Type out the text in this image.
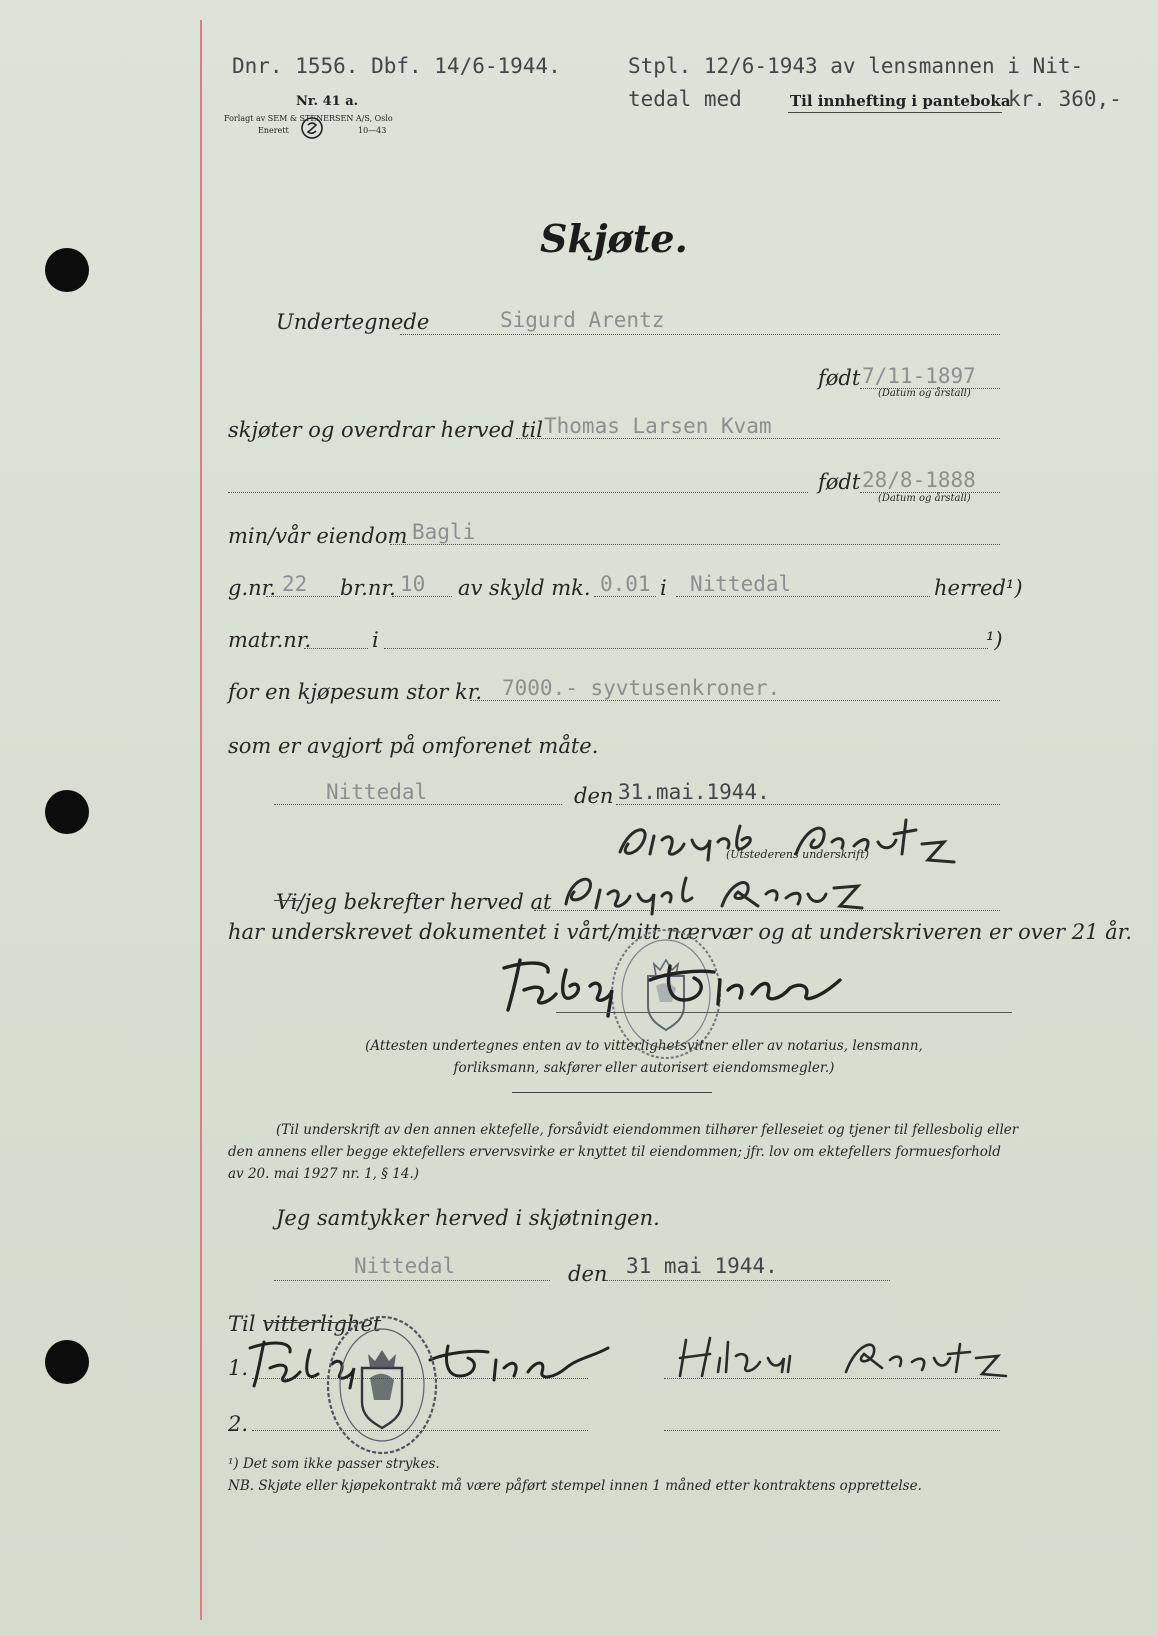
Dnr. 1556. Dbf. 14/6-1944.	Stpl. 12/6-1943 av lensmannen i Nit-
tedal med	Til innhefting i panteboka
kr. 360,-
Nr. 41 a.
Forlagt av SEM & STENERSEN A/S, Oslo
Enerett	10—43
Skjøte.
Undertegnede	Sigurd Arentz
født 7/11-1897
(Datum og årstall)
skjøter og overdrar herved til Thomas Larsen Kvam
født 28/8-1888
(Datum og årstall)
min/vår eiendom Bagli
g.nr. 22 br.nr. 10 av skyld mk. 0.01 i Nittedal	herred¹)
matr.nr.	i	¹)
for en kjøpesum stor kr. 7000.- syvtusenkroner.
som er avgjort på omforenet måte.
Nittedal	den 31.mai.1944.
(Utstederens underskrift)
Vi/jeg bekrefter herved at
har underskrevet dokumentet i vårt/mitt nærvær og at underskriveren er over 21 år.
(Attesten undertegnes enten av to vitterlighetsvitner eller av notarius, lensmann,
forliksmann, sakfører eller autorisert eiendomsmegler.)
(Til underskrift av den annen ektefelle, forsåvidt eiendommen tilhører felleseiet og tjener til fellesbolig eller
den annens eller begge ektefellers ervervsvirke er knyttet til eiendommen; jfr. lov om ektefellers formuesforhold
av 20. mai 1927 nr. 1, § 14.)
Jeg samtykker herved i skjøtningen.
Nittedal	den 31 mai 1944.
Til vitterlighet
1.
2.
¹) Det som ikke passer strykes.
NB. Skjøte eller kjøpekontrakt må være påført stempel innen 1 måned etter kontraktens opprettelse.
